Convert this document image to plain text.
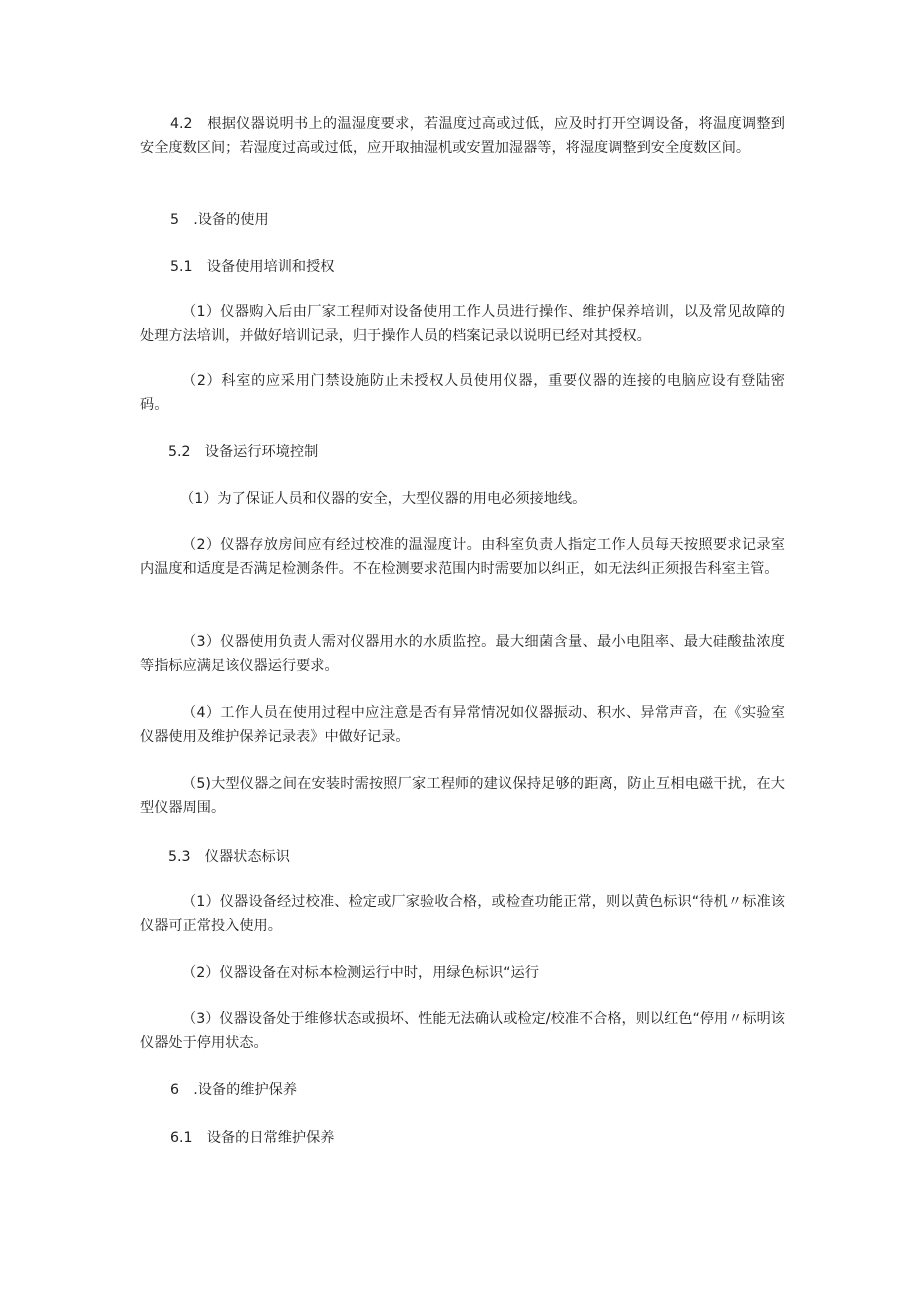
4.2　根据仪器说明书上的温湿度要求，若温度过高或过低，应及时打开空调设备，将温度调整到安全度数区间；若湿度过高或过低，应开取抽湿机或安置加湿器等，将湿度调整到安全度数区间。

5　.设备的使用

5.1　设备使用培训和授权

（1）仪器购入后由厂家工程师对设备使用工作人员进行操作、维护保养培训，以及常见故障的处理方法培训，并做好培训记录，归于操作人员的档案记录以说明已经对其授权。

（2）科室的应采用门禁设施防止未授权人员使用仪器，重要仪器的连接的电脑应设有登陆密码。

5.2　设备运行环境控制

（1）为了保证人员和仪器的安全，大型仪器的用电必须接地线。

（2）仪器存放房间应有经过校准的温湿度计。由科室负责人指定工作人员每天按照要求记录室内温度和适度是否满足检测条件。不在检测要求范围内时需要加以纠正，如无法纠正须报告科室主管。

（3）仪器使用负责人需对仪器用水的水质监控。最大细菌含量、最小电阻率、最大硅酸盐浓度等指标应满足该仪器运行要求。

（4）工作人员在使用过程中应注意是否有异常情况如仪器振动、积水、异常声音，在《实验室仪器使用及维护保养记录表》中做好记录。

（5)大型仪器之间在安装时需按照厂家工程师的建议保持足够的距离，防止互相电磁干扰，在大型仪器周围。

5.3　仪器状态标识

（1）仪器设备经过校准、检定或厂家验收合格，或检查功能正常，则以黄色标识“待机〃标准该仪器可正常投入使用。

（2）仪器设备在对标本检测运行中时，用绿色标识“运行

（3）仪器设备处于维修状态或损坏、性能无法确认或检定/校准不合格，则以红色“停用〃标明该仪器处于停用状态。

6　.设备的维护保养

6.1　设备的日常维护保养
